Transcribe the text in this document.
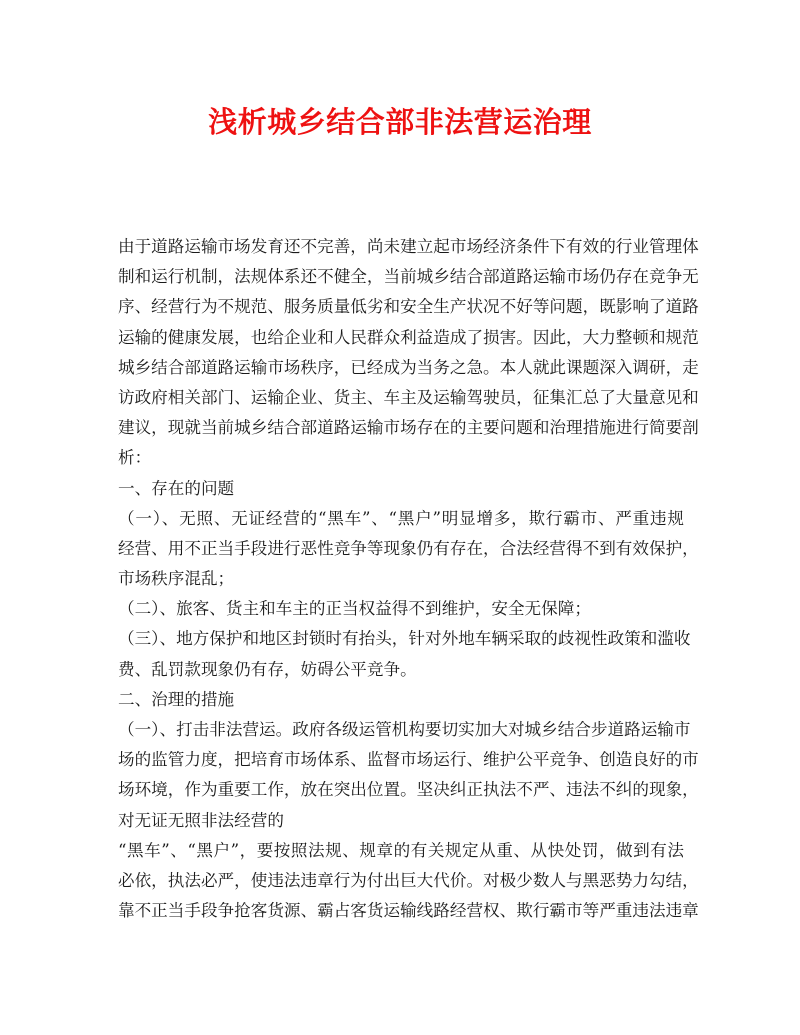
浅析城乡结合部非法营运治理
由于道路运输市场发育还不完善，尚未建立起市场经济条件下有效的行业管理体
制和运行机制，法规体系还不健全，当前城乡结合部道路运输市场仍存在竞争无
序、经营行为不规范、服务质量低劣和安全生产状况不好等问题，既影响了道路
运输的健康发展，也给企业和人民群众利益造成了损害。因此，大力整顿和规范
城乡结合部道路运输市场秩序，已经成为当务之急。本人就此课题深入调研，走
访政府相关部门、运输企业、货主、车主及运输驾驶员，征集汇总了大量意见和
建议，现就当前城乡结合部道路运输市场存在的主要问题和治理措施进行简要剖
析：
一、存在的问题
（一）、无照、无证经营的“黑车”、“黑户”明显增多，欺行霸市、严重违规
经营、用不正当手段进行恶性竞争等现象仍有存在，合法经营得不到有效保护，
市场秩序混乱；
（二）、旅客、货主和车主的正当权益得不到维护，安全无保障；
（三）、地方保护和地区封锁时有抬头，针对外地车辆采取的歧视性政策和滥收
费、乱罚款现象仍有存，妨碍公平竞争。
二、治理的措施
（一）、打击非法营运。政府各级运管机构要切实加大对城乡结合步道路运输市
场的监管力度，把培育市场体系、监督市场运行、维护公平竞争、创造良好的市
场环境，作为重要工作，放在突出位置。坚决纠正执法不严、违法不纠的现象，
对无证无照非法经营的
“黑车”、“黑户”，要按照法规、规章的有关规定从重、从快处罚，做到有法
必依，执法必严，使违法违章行为付出巨大代价。对极少数人与黑恶势力勾结，
靠不正当手段争抢客货源、霸占客货运输线路经营权、欺行霸市等严重违法违章
